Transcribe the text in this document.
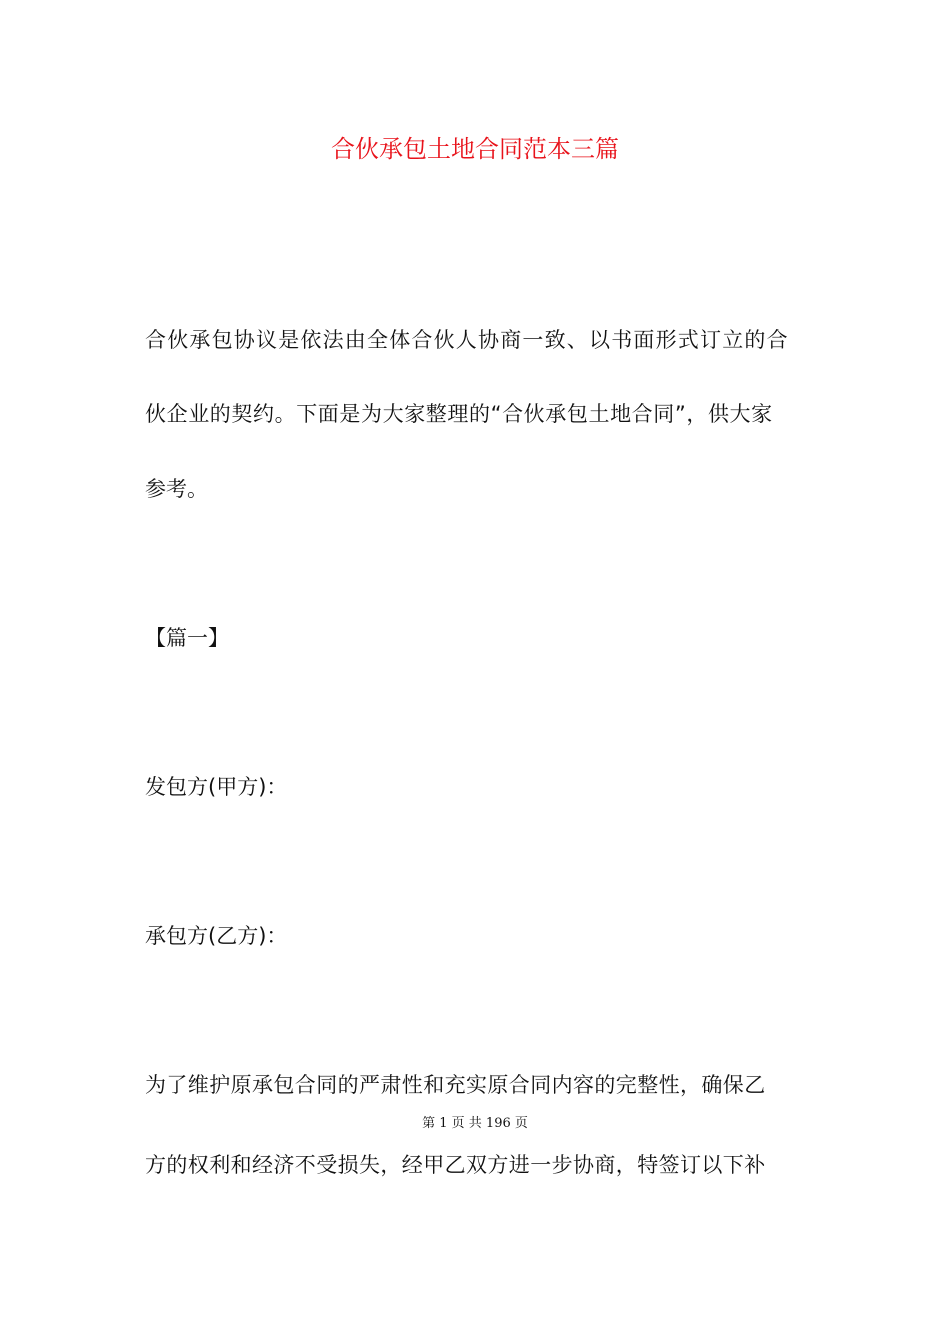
合伙承包土地合同范本三篇
合伙承包协议是依法由全体合伙人协商一致、以书面形式订立的合
伙企业的契约。下面是为大家整理的“合伙承包土地合同”，供大家
参考。
【篇一】
发包方(甲方)：
承包方(乙方)：
为了维护原承包合同的严肃性和充实原合同内容的完整性，确保乙
第 1 页 共 196 页
方的权利和经济不受损失，经甲乙双方进一步协商，特签订以下补
